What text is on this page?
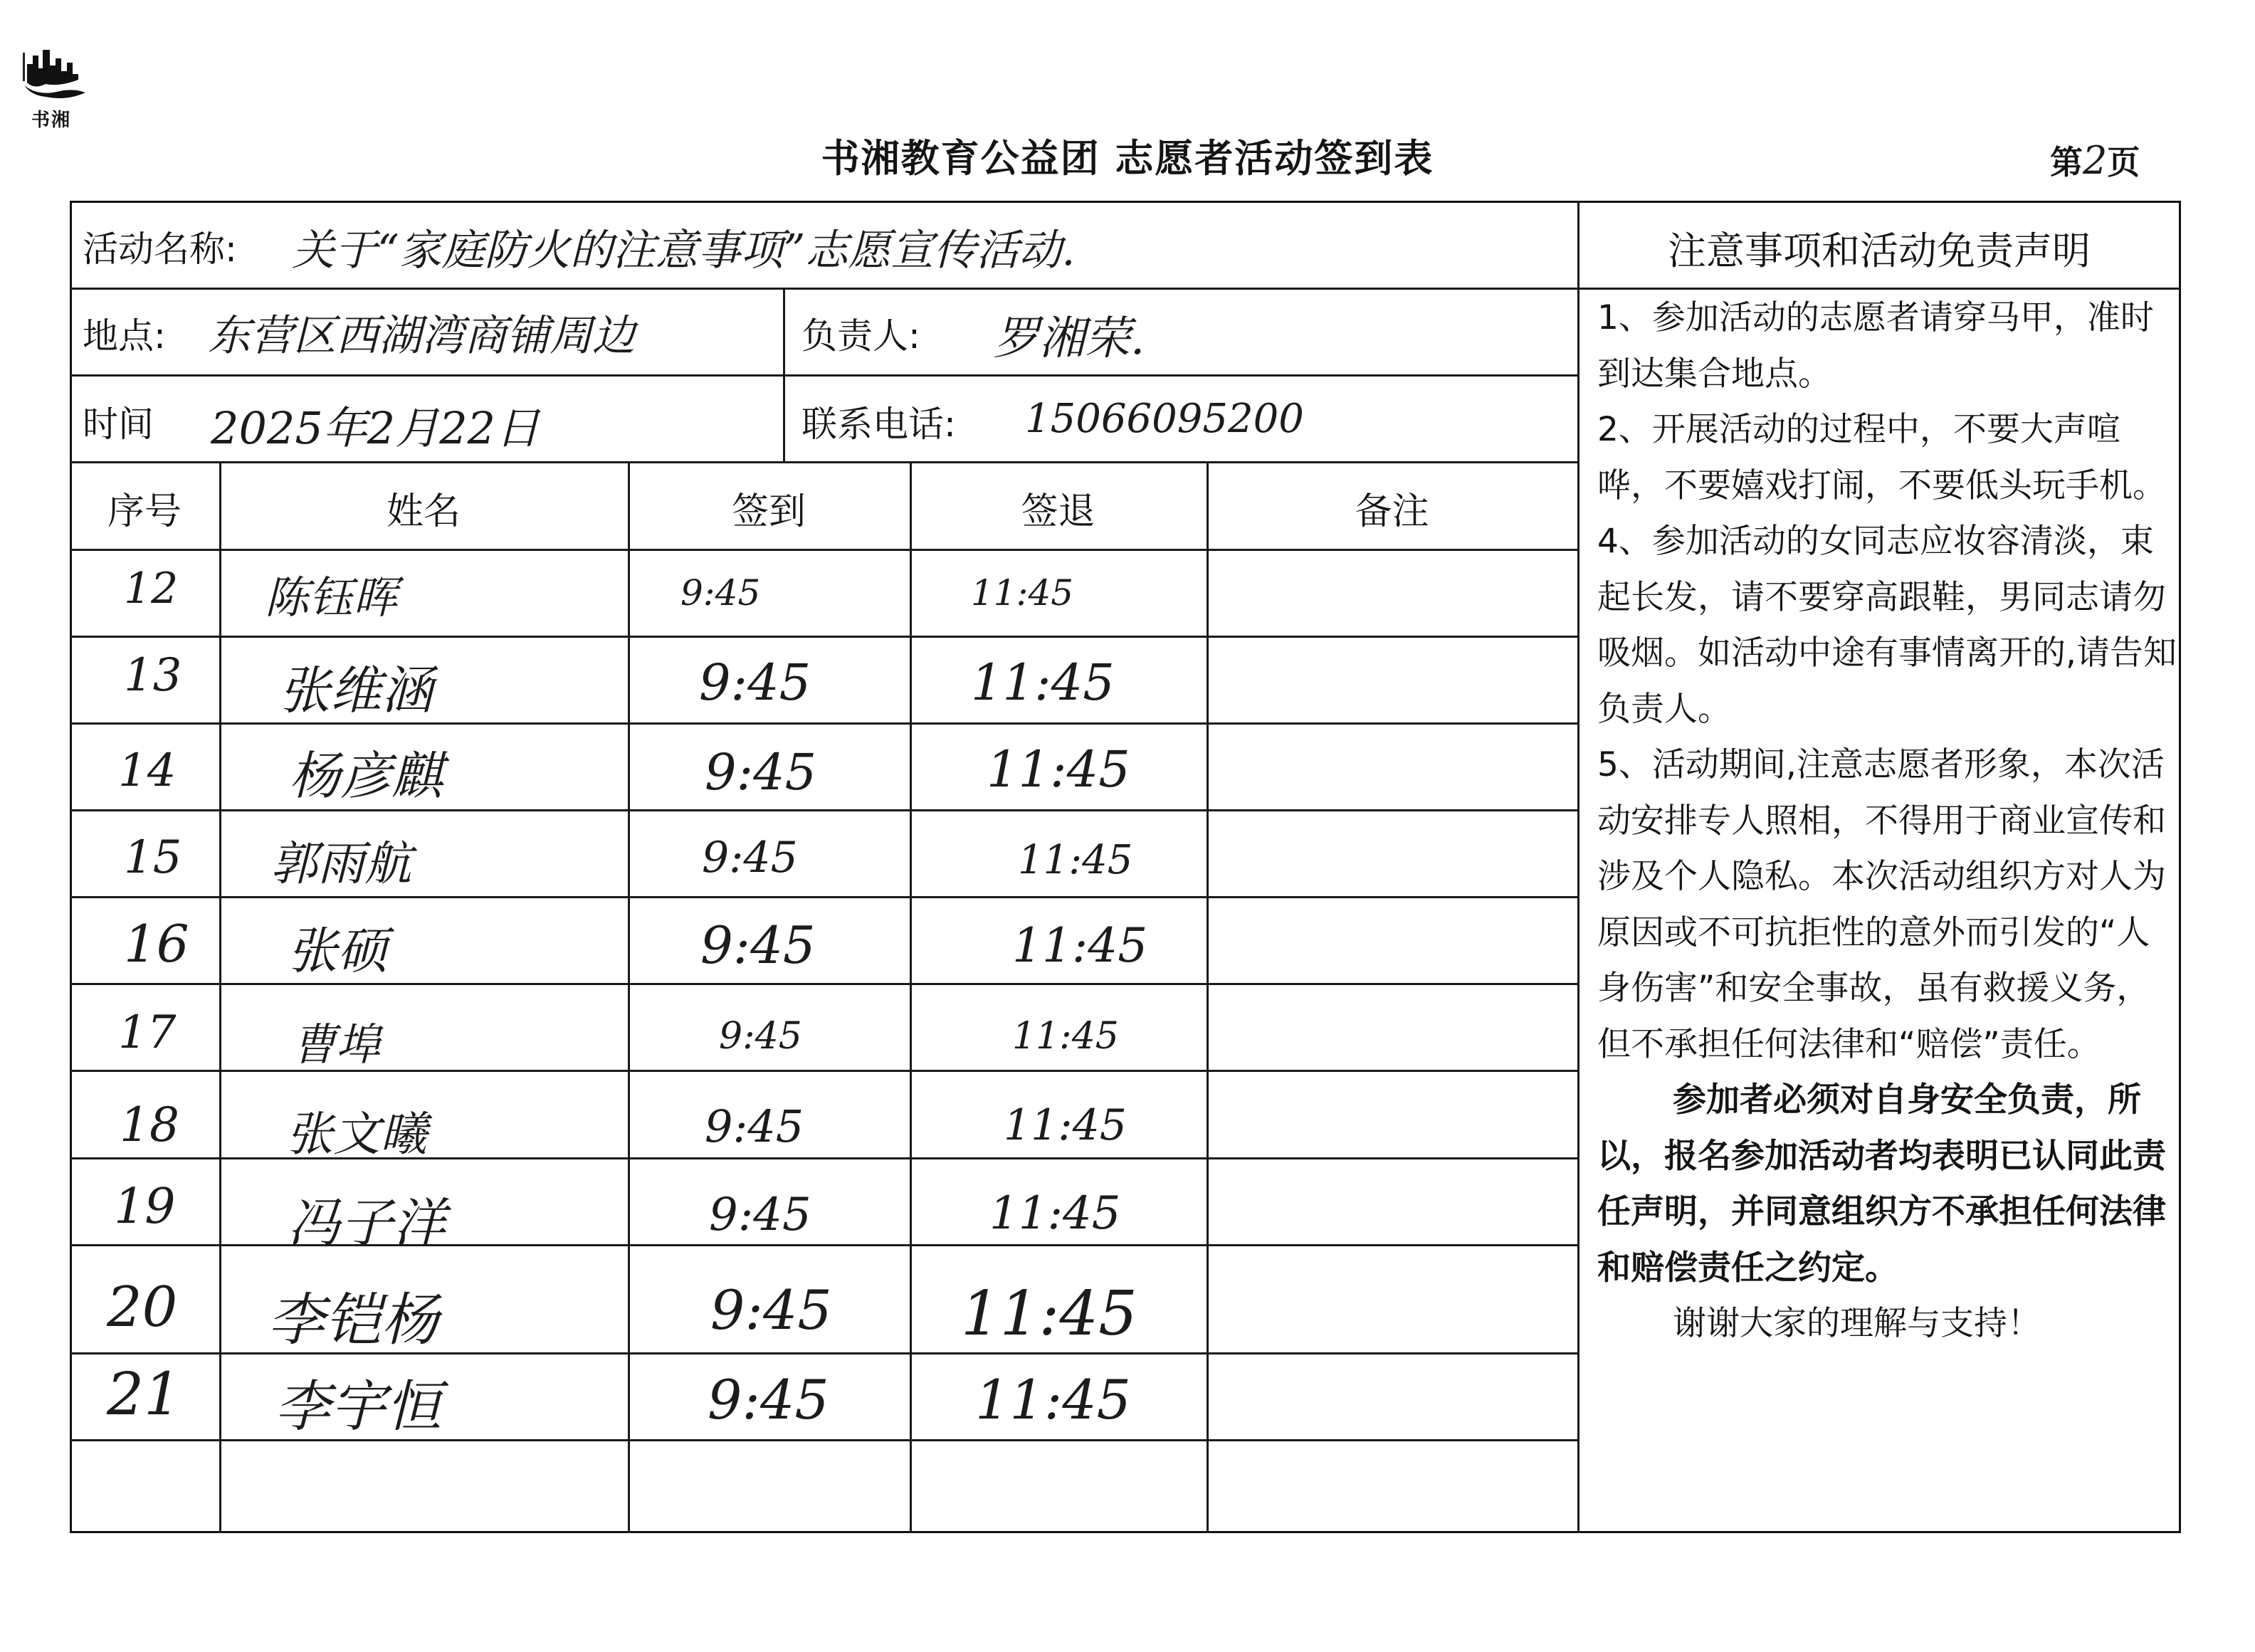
书湘
书湘教育公益团 志愿者活动签到表	第2页
活动名称: 关于“家庭防火的注意事项”志愿宣传活动.
地点: 东营区西湖湾商铺周边	负责人: 罗湘荣.
时间 2025年2月22日	联系电话: 15066095200
序号	姓名	签到	签退	备注
12 陈钰晖	9:45	11:45
13 张维涵	9:45	11:45
14 杨彦麒	9:45	11:45
15 郭雨航	9:45	11:45
16 张硕	9:45	11:45
17	曹埠	9:45	11:45
18 张文曦	9:45	11:45
19 冯子洋	9:45	11:45
20 李铠杨	9:45 11:45
21 李宇恒	9:45	11:45
注意事项和活动免责声明

1、参加活动的志愿者请穿马甲，准时到达集合地点。

2、开展活动的过程中，不要大声喧哗，不要嬉戏打闹，不要低头玩手机。

4、参加活动的女同志应妆容清淡，束起长发，请不要穿高跟鞋，男同志请勿吸烟。如活动中途有事情离开的,请告知负责人。

5、活动期间,注意志愿者形象，本次活动安排专人照相，不得用于商业宣传和涉及个人隐私。本次活动组织方对人为原因或不可抗拒性的意外而引发的“人身伤害”和安全事故，虽有救援义务，但不承担任何法律和“赔偿”责任。

参加者必须对自身安全负责，所以，报名参加活动者均表明已认同此责任声明，并同意组织方不承担任何法律和赔偿责任之约定。

谢谢大家的理解与支持！
